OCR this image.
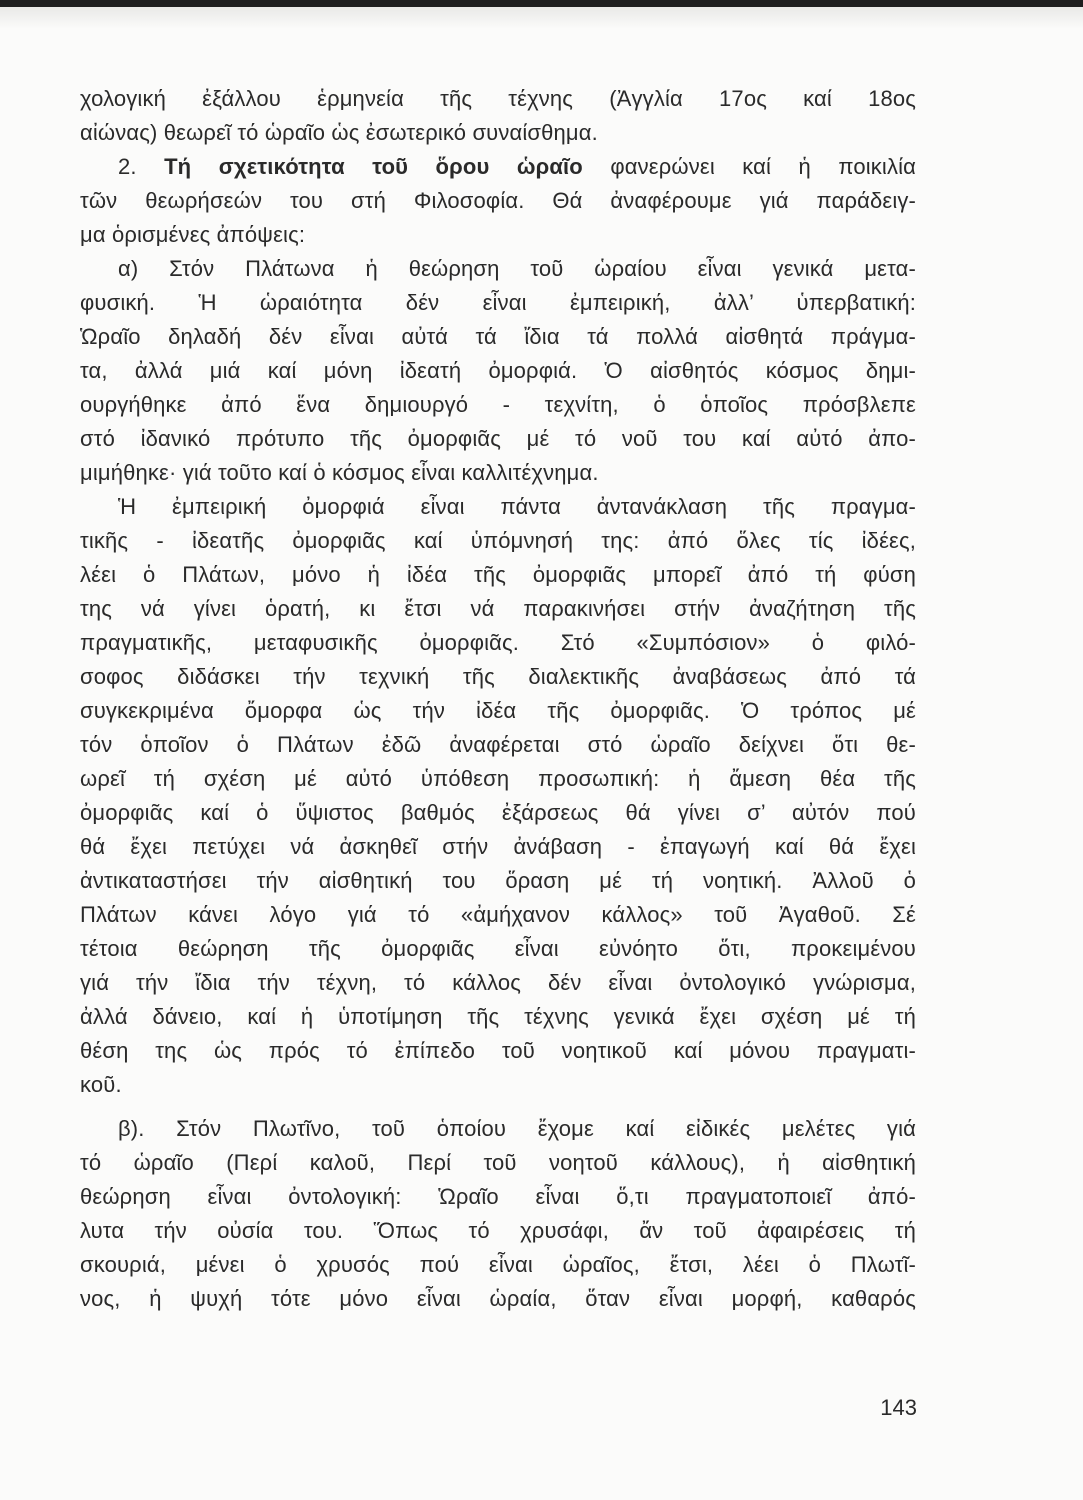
χολογική ἐξάλλου ἑρμηνεία τῆς τέχνης (Ἀγγλία 17ος καί 18ος
αἰώνας) θεωρεῖ τό ὡραῖο ὡς ἐσωτερικό συναίσθημα.
2. Τή σχετικότητα τοῦ ὅρου ὡραῖο φανερώνει καί ἡ ποικιλία
τῶν θεωρήσεών του στή Φιλοσοφία. Θά ἀναφέρουμε γιά παράδειγ-
μα ὁρισμένες ἀπόψεις:
α) Στόν Πλάτωνα ἡ θεώρηση τοῦ ὡραίου εἶναι γενικά μετα-
φυσική. Ἡ ὡραιότητα δέν εἶναι ἐμπειρική, ἀλλ’ ὑπερβατική:
Ὡραῖο δηλαδή δέν εἶναι αὐτά τά ἴδια τά πολλά αἰσθητά πράγμα-
τα, ἀλλά μιά καί μόνη ἰδεατή ὀμορφιά. Ὁ αἰσθητός κόσμος δημι-
ουργήθηκε ἀπό ἕνα δημιουργό - τεχνίτη, ὁ ὁποῖος πρόσβλεπε
στό ἰδανικό πρότυπο τῆς ὀμορφιᾶς μέ τό νοῦ του καί αὐτό ἀπο-
μιμήθηκε· γιά τοῦτο καί ὁ κόσμος εἶναι καλλιτέχνημα.
Ἡ ἐμπειρική ὀμορφιά εἶναι πάντα ἀντανάκλαση τῆς πραγμα-
τικῆς - ἰδεατῆς ὀμορφιᾶς καί ὑπόμνησή της: ἀπό ὅλες τίς ἰδέες,
λέει ὁ Πλάτων, μόνο ἡ ἰδέα τῆς ὀμορφιᾶς μπορεῖ ἀπό τή φύση
της νά γίνει ὁρατή, κι ἔτσι νά παρακινήσει στήν ἀναζήτηση τῆς
πραγματικῆς, μεταφυσικῆς ὀμορφιᾶς. Στό «Συμπόσιον» ὁ φιλό-
σοφος διδάσκει τήν τεχνική τῆς διαλεκτικῆς ἀναβάσεως ἀπό τά
συγκεκριμένα ὄμορφα ὡς τήν ἰδέα τῆς ὀμορφιᾶς. Ὁ τρόπος μέ
τόν ὁποῖον ὁ Πλάτων ἐδῶ ἀναφέρεται στό ὡραῖο δείχνει ὅτι θε-
ωρεῖ τή σχέση μέ αὐτό ὑπόθεση προσωπική: ἡ ἄμεση θέα τῆς
ὀμορφιᾶς καί ὁ ὕψιστος βαθμός ἐξάρσεως θά γίνει σ’ αὐτόν πού
θά ἔχει πετύχει νά ἀσκηθεῖ στήν ἀνάβαση - ἐπαγωγή καί θά ἔχει
ἀντικαταστήσει τήν αἰσθητική του ὅραση μέ τή νοητική. Ἀλλοῦ ὁ
Πλάτων κάνει λόγο γιά τό «ἀμήχανον κάλλος» τοῦ Ἀγαθοῦ. Σέ
τέτοια θεώρηση τῆς ὀμορφιᾶς εἶναι εὐνόητο ὅτι, προκειμένου
γιά τήν ἴδια τήν τέχνη, τό κάλλος δέν εἶναι ὀντολογικό γνώρισμα,
ἀλλά δάνειο, καί ἡ ὑποτίμηση τῆς τέχνης γενικά ἔχει σχέση μέ τή
θέση της ὡς πρός τό ἐπίπεδο τοῦ νοητικοῦ καί μόνου πραγματι-
κοῦ.
β). Στόν Πλωτῖνο, τοῦ ὁποίου ἔχομε καί εἰδικές μελέτες γιά
τό ὡραῖο (Περί καλοῦ, Περί τοῦ νοητοῦ κάλλους), ἡ αἰσθητική
θεώρηση εἶναι ὀντολογική: Ὡραῖο εἶναι ὅ,τι πραγματοποιεῖ ἀπό-
λυτα τήν οὐσία του. Ὅπως τό χρυσάφι, ἄν τοῦ ἀφαιρέσεις τή
σκουριά, μένει ὁ χρυσός πού εἶναι ὡραῖος, ἔτσι, λέει ὁ Πλωτῖ-
νος, ἡ ψυχή τότε μόνο εἶναι ὡραία, ὅταν εἶναι μορφή, καθαρός
143
